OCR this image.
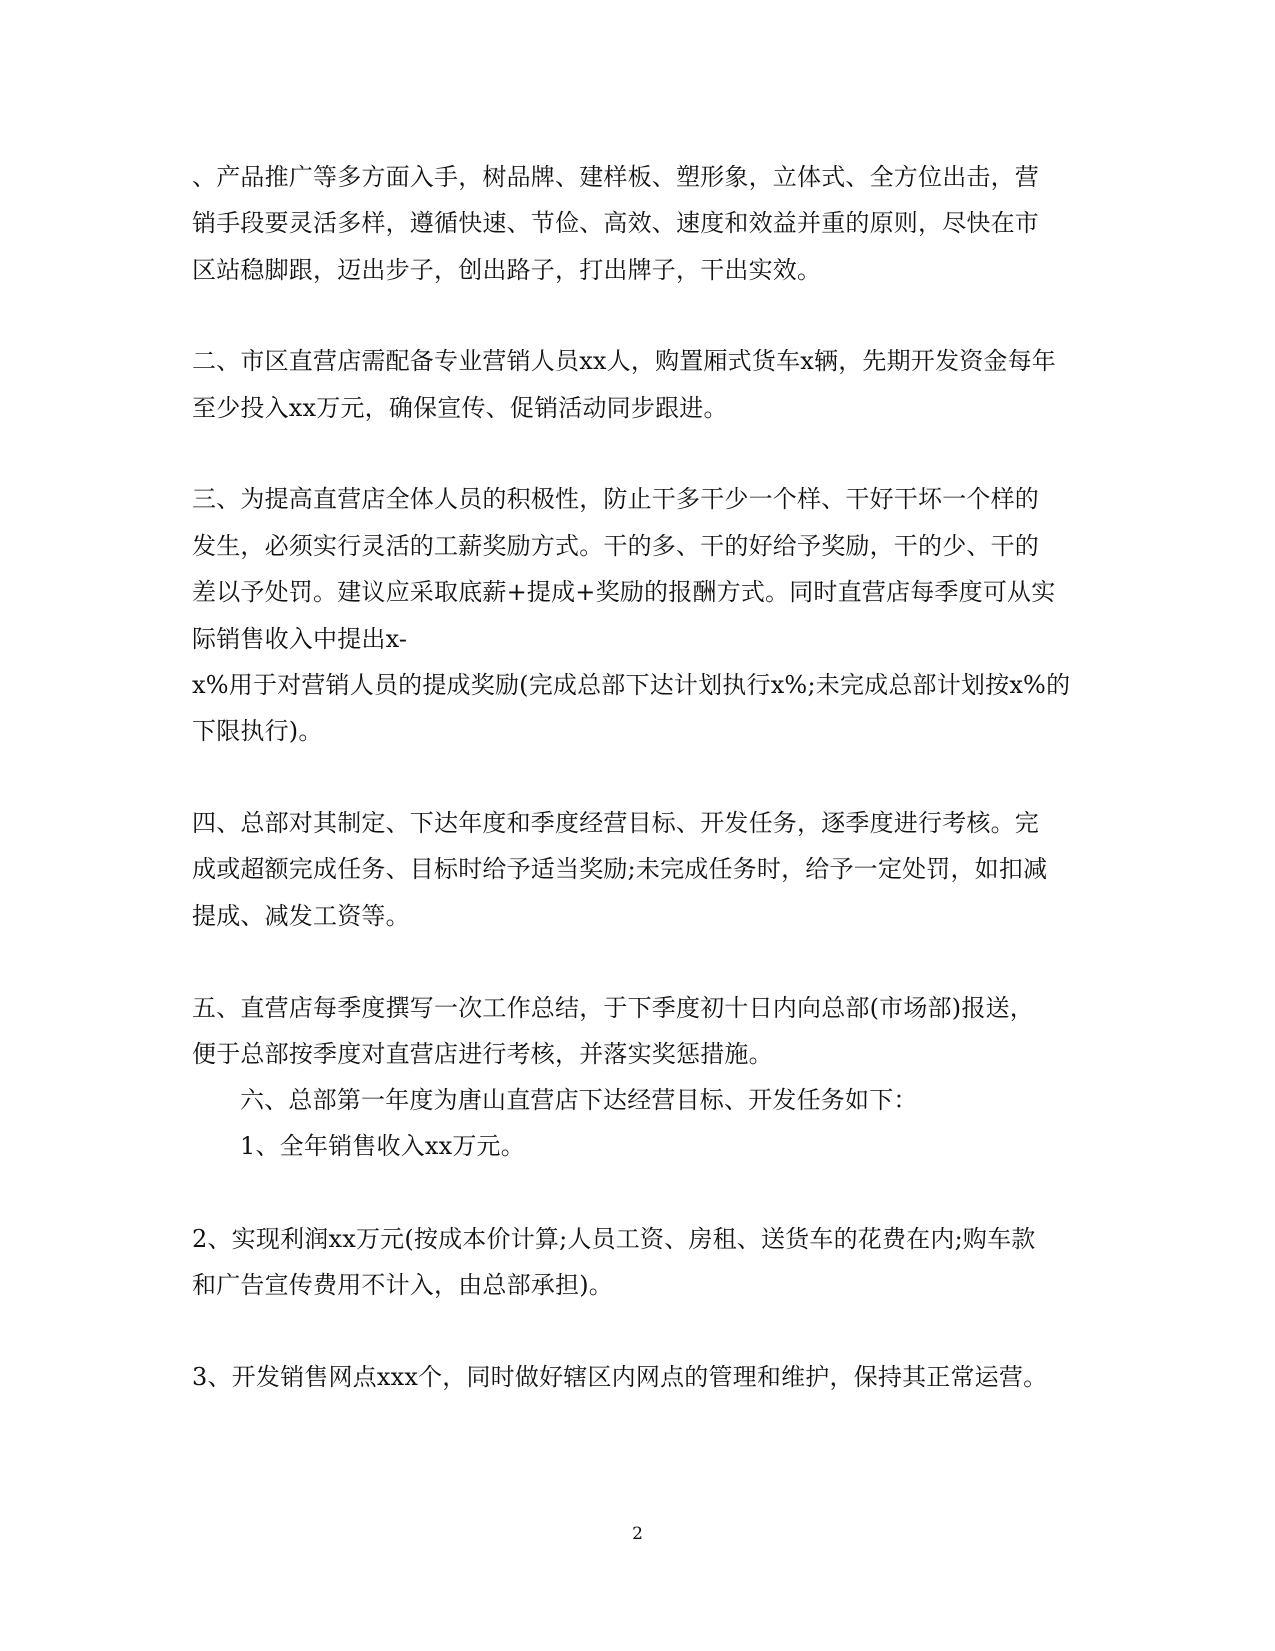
、产品推广等多方面入手，树品牌、建样板、塑形象，立体式、全方位出击，营
销手段要灵活多样，遵循快速、节俭、高效、速度和效益并重的原则，尽快在市
区站稳脚跟，迈出步子，创出路子，打出牌子，干出实效。
二、市区直营店需配备专业营销人员xx人，购置厢式货车x辆，先期开发资金每年
至少投入xx万元，确保宣传、促销活动同步跟进。
三、为提高直营店全体人员的积极性，防止干多干少一个样、干好干坏一个样的
发生，必须实行灵活的工薪奖励方式。干的多、干的好给予奖励，干的少、干的
差以予处罚。建议应采取底薪+提成+奖励的报酬方式。同时直营店每季度可从实
际销售收入中提出x-
x%用于对营销人员的提成奖励(完成总部下达计划执行x%;未完成总部计划按x%的
下限执行)。
四、总部对其制定、下达年度和季度经营目标、开发任务，逐季度进行考核。完
成或超额完成任务、目标时给予适当奖励;未完成任务时，给予一定处罚，如扣减
提成、减发工资等。
五、直营店每季度撰写一次工作总结，于下季度初十日内向总部(市场部)报送，
便于总部按季度对直营店进行考核，并落实奖惩措施。
六、总部第一年度为唐山直营店下达经营目标、开发任务如下：
1、全年销售收入xx万元。
2、实现利润xx万元(按成本价计算;人员工资、房租、送货车的花费在内;购车款
和广告宣传费用不计入，由总部承担)。
3、开发销售网点xxx个，同时做好辖区内网点的管理和维护，保持其正常运营。
2
